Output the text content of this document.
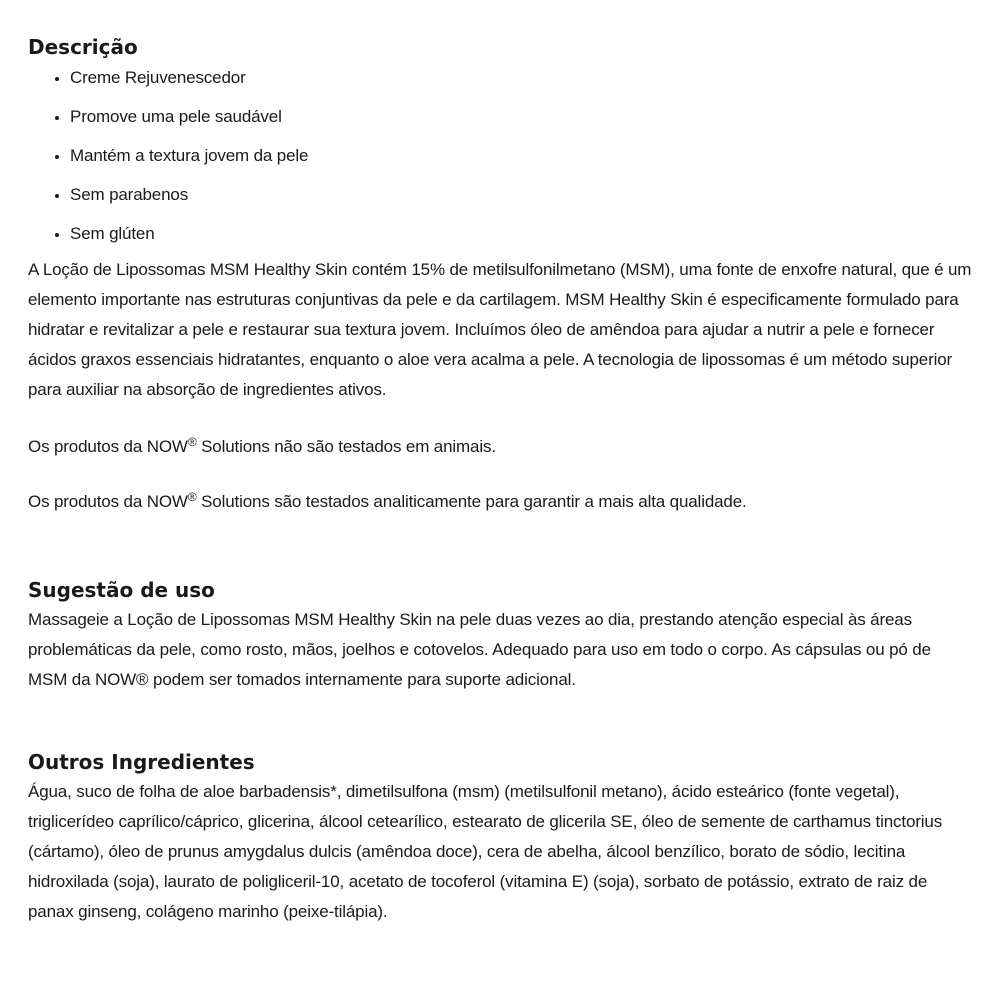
Descrição
• Creme Rejuvenescedor
• Promove uma pele saudável
• Mantém a textura jovem da pele
• Sem parabenos
• Sem glúten

A Loção de Lipossomas MSM Healthy Skin contém 15% de metilsulfonilmetano (MSM), uma fonte de enxofre natural, que é um elemento importante nas estruturas conjuntivas da pele e da cartilagem. MSM Healthy Skin é especificamente formulado para hidratar e revitalizar a pele e restaurar sua textura jovem. Incluímos óleo de amêndoa para ajudar a nutrir a pele e fornecer ácidos graxos essenciais hidratantes, enquanto o aloe vera acalma a pele. A tecnologia de lipossomas é um método superior para auxiliar na absorção de ingredientes ativos.

Os produtos da NOW® Solutions não são testados em animais.

Os produtos da NOW® Solutions são testados analiticamente para garantir a mais alta qualidade.

Sugestão de uso

Massageie a Loção de Lipossomas MSM Healthy Skin na pele duas vezes ao dia, prestando atenção especial às áreas problemáticas da pele, como rosto, mãos, joelhos e cotovelos. Adequado para uso em todo o corpo. As cápsulas ou pó de MSM da NOW® podem ser tomados internamente para suporte adicional.

Outros Ingredientes

Água, suco de folha de aloe barbadensis*, dimetilsulfona (msm) (metilsulfonil metano), ácido esteárico (fonte vegetal), triglicerídeo caprílico/cáprico, glicerina, álcool cetearílico, estearato de glicerila SE, óleo de semente de carthamus tinctorius (cártamo), óleo de prunus amygdalus dulcis (amêndoa doce), cera de abelha, álcool benzílico, borato de sódio, lecitina hidroxilada (soja), laurato de poligliceril-10, acetato de tocoferol (vitamina E) (soja), sorbato de potássio, extrato de raiz de panax ginseng, colágeno marinho (peixe-tilápia).
